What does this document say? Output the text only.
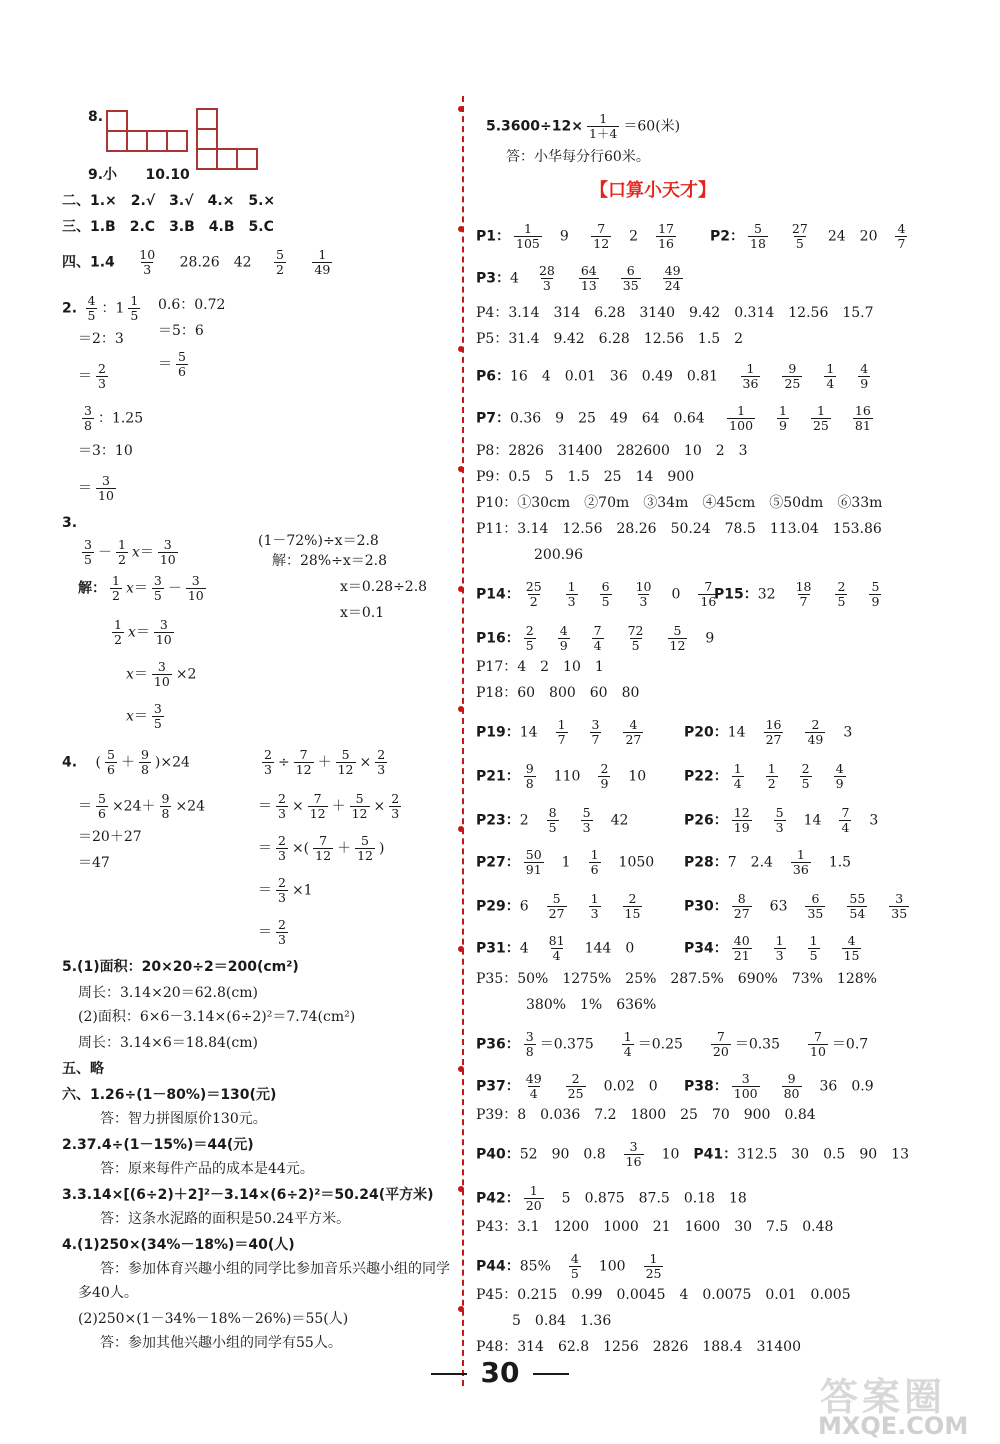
8.
9.小 10.10
二、1.×　2.√　3.√　4.×　5.×
三、1.B　2.C　3.B　4.B　5.C
四、$1.4 \frac{10}{3} 28.26$　$42 \frac{5}{2}$
$\frac{1}{49}$
2. $\frac{4}{5}$ ：$1 \frac{1}{5} 0.6$：0.72
＝2：3 ＝5：6
＝ $\frac{2}{3}$	＝ $\frac{5}{6}$
$\frac{3}{8}$ ：1.25
＝3：10
＝ $\frac{3}{10}$
3.
$\frac{3}{5} - \frac{1}{2} x= \frac{3}{10}$
解： $\frac{1}{2} x= \frac{3}{5} - \frac{3}{10}$
$\frac{1}{2} x= \frac{3}{10}$
$x= \frac{3}{10} \times 2$
$x= \frac{3}{5}$
(1－72%)÷x＝2.8
解：28%÷x＝2.8
x＝0.28÷2.8
x＝0.1
4. ( $\frac{5}{6} + \frac{9}{8} )\times 24$
＝ $\frac{5}{6} \times 24+ \frac{9}{8} \times 24$
＝20＋27
＝47
$\frac{2}{3} \div \frac{7}{12} + \frac{5}{12} \times \frac{2}{3}$
＝ $\frac{2}{3} \times \frac{7}{12} + \frac{5}{12} \times \frac{2}{3}$
＝ $\frac{2}{3}$ ×( $\frac{7}{12} + \frac{5}{12}$ )
＝ $\frac{2}{3} \times 1$
＝ $\frac{2}{3}$
5.(1)面积：20×20÷2＝200(cm²)
周长：3.14×20＝62.8(cm)
(2)面积：6×6－3.14×(6÷2)²＝7.74(cm²)
周长：3.14×6＝18.84(cm)
五、略
六、1.26÷(1－80%)＝130(元)
答：智力拼图原价130元。
2.37.4÷(1－15%)＝44(元)
答：原来每件产品的成本是44元。
3.3.14×[(6÷2)＋2]²－3.14×(6÷2)²＝50.24(平方米)
答：这条水泥路的面积是50.24平方米。
4.(1)250×(34%－18%)＝40(人)
答：参加体育兴趣小组的同学比参加音乐兴趣小组的同学
多40人。
(2)250×(1－34%－18%－26%)＝55(人)
答：参加其他兴趣小组的同学有55人。
$5.3600\div 12\times \frac{1}{1+4} =60$(米)
答：小华每分行60米。
【口算小天才】
P1： $\frac{1}{105} 9 \frac{7}{12} 2 \frac{17}{16} P2$： $\frac{5}{18} \frac{27}{5} 24$ $20 \frac{4}{7}$
P3：$4 \frac{28}{3} \frac{64}{13} \frac{6}{35} \frac{49}{24}$
P4：3.14　314　6.28　3140　9.42　0.314　12.56　15.7
P5：31.4　9.42　6.28　12.56　1.5　2
P6：16　4　0.01　36　0.49　$0.81 \frac{1}{36} \frac{9}{25} \frac{1}{4} \frac{4}{9}$
P7：0.36　9　25　49　64　$0.64 \frac{1}{100} \frac{1}{9} \frac{1}{25} \frac{16}{81}$
P8：2826　31400　282600　10　2　3
P9：0.5　5　1.5　25　14　900
P10：①30cm　②70m　③34m　④45cm　⑤50dm　⑥33m
P11：3.14　12.56　28.26　50.24　78.5　113.04　153.86
200.96
P14： $\frac{25}{2} \frac{1}{3} \frac{6}{5} \frac{10}{3} 0 \frac{7}{16}$
P15：$32 \frac{18}{7} \frac{2}{5} \frac{5}{9}$
P16： $\frac{2}{5} \frac{4}{9} \frac{7}{4} \frac{72}{5} \frac{5}{12} 9$
P17：4　2　10　1
P18：60　800　60　80
P19：$14 \frac{1}{7} \frac{3}{7} \frac{4}{27}$	P20：$14 \frac{16}{27} \frac{2}{49} 3$
P21： $\frac{9}{8} 110 \frac{2}{9} 10$	P22： $\frac{1}{4} \frac{1}{2} \frac{2}{5} \frac{4}{9}$
P23：$2 \frac{8}{5} \frac{5}{3} 42$	P26： $\frac{12}{19} \frac{5}{3} 14 \frac{7}{4} 3$
P27： $\frac{50}{91} 1 \frac{1}{6} 1050$ P28：7　$2.4 \frac{1}{36} 1.5$
P29：$6 \frac{5}{27} \frac{1}{3} \frac{2}{15}$	P30： $\frac{8}{27} 63 \frac{6}{35} \frac{55}{54} \frac{3}{35}$
P31：$4 \frac{81}{4} 144$ 0	P34： $\frac{40}{21} \frac{1}{3} \frac{1}{5} \frac{4}{15}$
P35：50%　1275%　25%　287.5%　690%　73%　128%
380%　1%　636%
P36： $\frac{3}{8} =0.375 \frac{1}{4} =0.25 \frac{7}{20} =0.35 \frac{7}{10} =0.7$
P37： $\frac{49}{4} \frac{2}{25} 0.02$ 0 P38： $\frac{3}{100} \frac{9}{80} 36$ 0.9
P39：8　0.036　7.2　1800　25　70　900　0.84
P40：52 90 $0.8 \frac{3}{16} 10$ P41：312.5 30 0.5 90 13
P42： $\frac{1}{20} 5$　0.875　87.5　0.18　18
P43：3.1　1200　1000　21　1600　30　7.5　0.48
P44：$85\% \frac{4}{5} 100 \frac{1}{25}$
P45：0.215　0.99　0.0045　4　0.0075　0.01　0.005
5　0.84　1.36
P48：314　62.8　1256　2826　188.4　31400
30
答案圈
MXQE.COM
